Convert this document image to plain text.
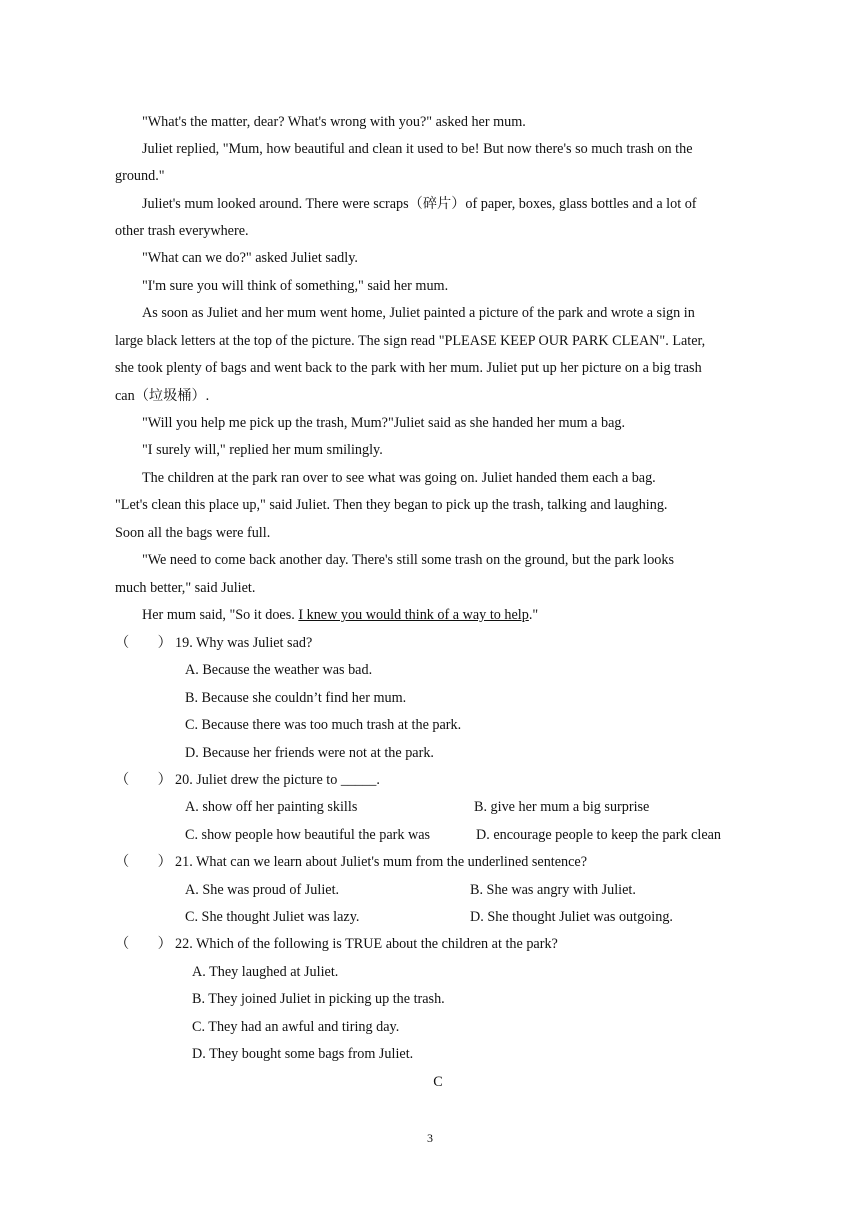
"What's the matter, dear? What's wrong with you?" asked her mum.
Juliet replied, "Mum, how beautiful and clean it used to be! But now there's so much trash on the
ground."
Juliet's mum looked around. There were scraps（碎片）of paper, boxes, glass bottles and a lot of
other trash everywhere.
"What can we do?" asked Juliet sadly.
"I'm sure you will think of something," said her mum.
As soon as Juliet and her mum went home, Juliet painted a picture of the park and wrote a sign in
large black letters at the top of the picture. The sign read "PLEASE KEEP OUR PARK CLEAN". Later,
she took plenty of bags and went back to the park with her mum. Juliet put up her picture on a big trash
can（垃圾桶）.
"Will you help me pick up the trash, Mum?"Juliet said as she handed her mum a bag.
"I surely will," replied her mum smilingly.
The children at the park ran over to see what was going on. Juliet handed them each a bag.
"Let's clean this place up," said Juliet. Then they began to pick up the trash, talking and laughing.
Soon all the bags were full.
"We need to come back another day. There's still some trash on the ground, but the park looks
much better," said Juliet.
Her mum said, "So it does. I knew you would think of a way to help."
（　　） 19. Why was Juliet sad?
A. Because the weather was bad.
B. Because she couldn’t find her mum.
C. Because there was too much trash at the park.
D. Because her friends were not at the park.
（　　） 20. Juliet drew the picture to _____.
A. show off her painting skills	B. give her mum a big surprise
C. show people how beautiful the park was	D. encourage people to keep the park clean
（　　） 21. What can we learn about Juliet's mum from the underlined sentence?
A. She was proud of Juliet.	B. She was angry with Juliet.
C. She thought Juliet was lazy.	D. She thought Juliet was outgoing.
（　　） 22. Which of the following is TRUE about the children at the park?
A. They laughed at Juliet.
B. They joined Juliet in picking up the trash.
C. They had an awful and tiring day.
D. They bought some bags from Juliet.
C
3
